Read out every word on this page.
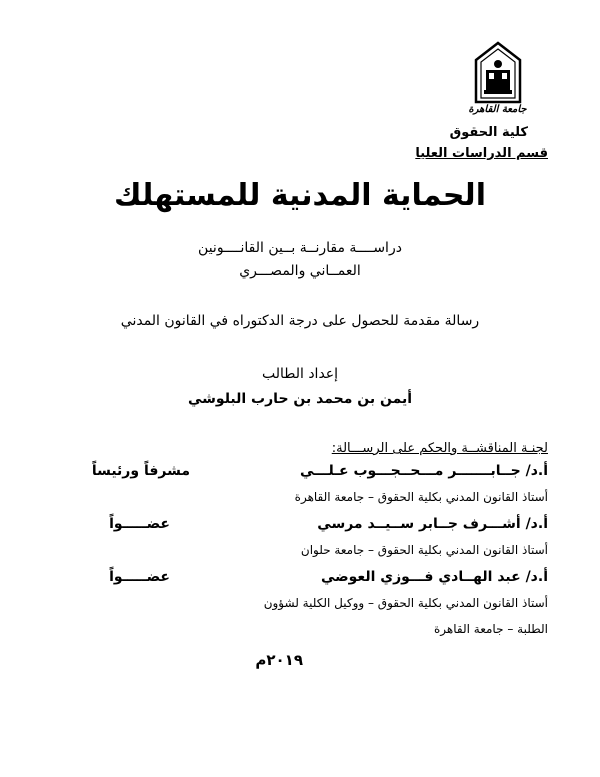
جامعة القاهرة
كلية الحقوق
قسم الدراسات العليا
الحماية المدنية للمستهلك
دراســــة مقارنــة بــين القانــــونين
العمــاني والمصـــري
رسالة مقدمة للحصول على درجة الدكتوراه في القانون المدني
إعداد الطالب
أيمن بن محمد بن حارب البلوشي
لجنـة المناقشــة والحكم على الرســـالة:
أ.د/ جــابـــــــر مـــحــجـــوب عـلـــي
مشرفاً ورئيساً
أستاذ القانون المدني بكلية الحقوق – جامعة القاهرة
أ.د/ أشـــرف جــابر ســيــد مرسي
عضـــــواً
أستاذ القانون المدني بكلية الحقوق – جامعة حلوان
أ.د/ عبد الهــادي فـــوزي العوضي
عضـــــواً
أستاذ القانون المدني بكلية الحقوق – ووكيل الكلية لشؤون
الطلبة – جامعة القاهرة
٢٠١٩م
